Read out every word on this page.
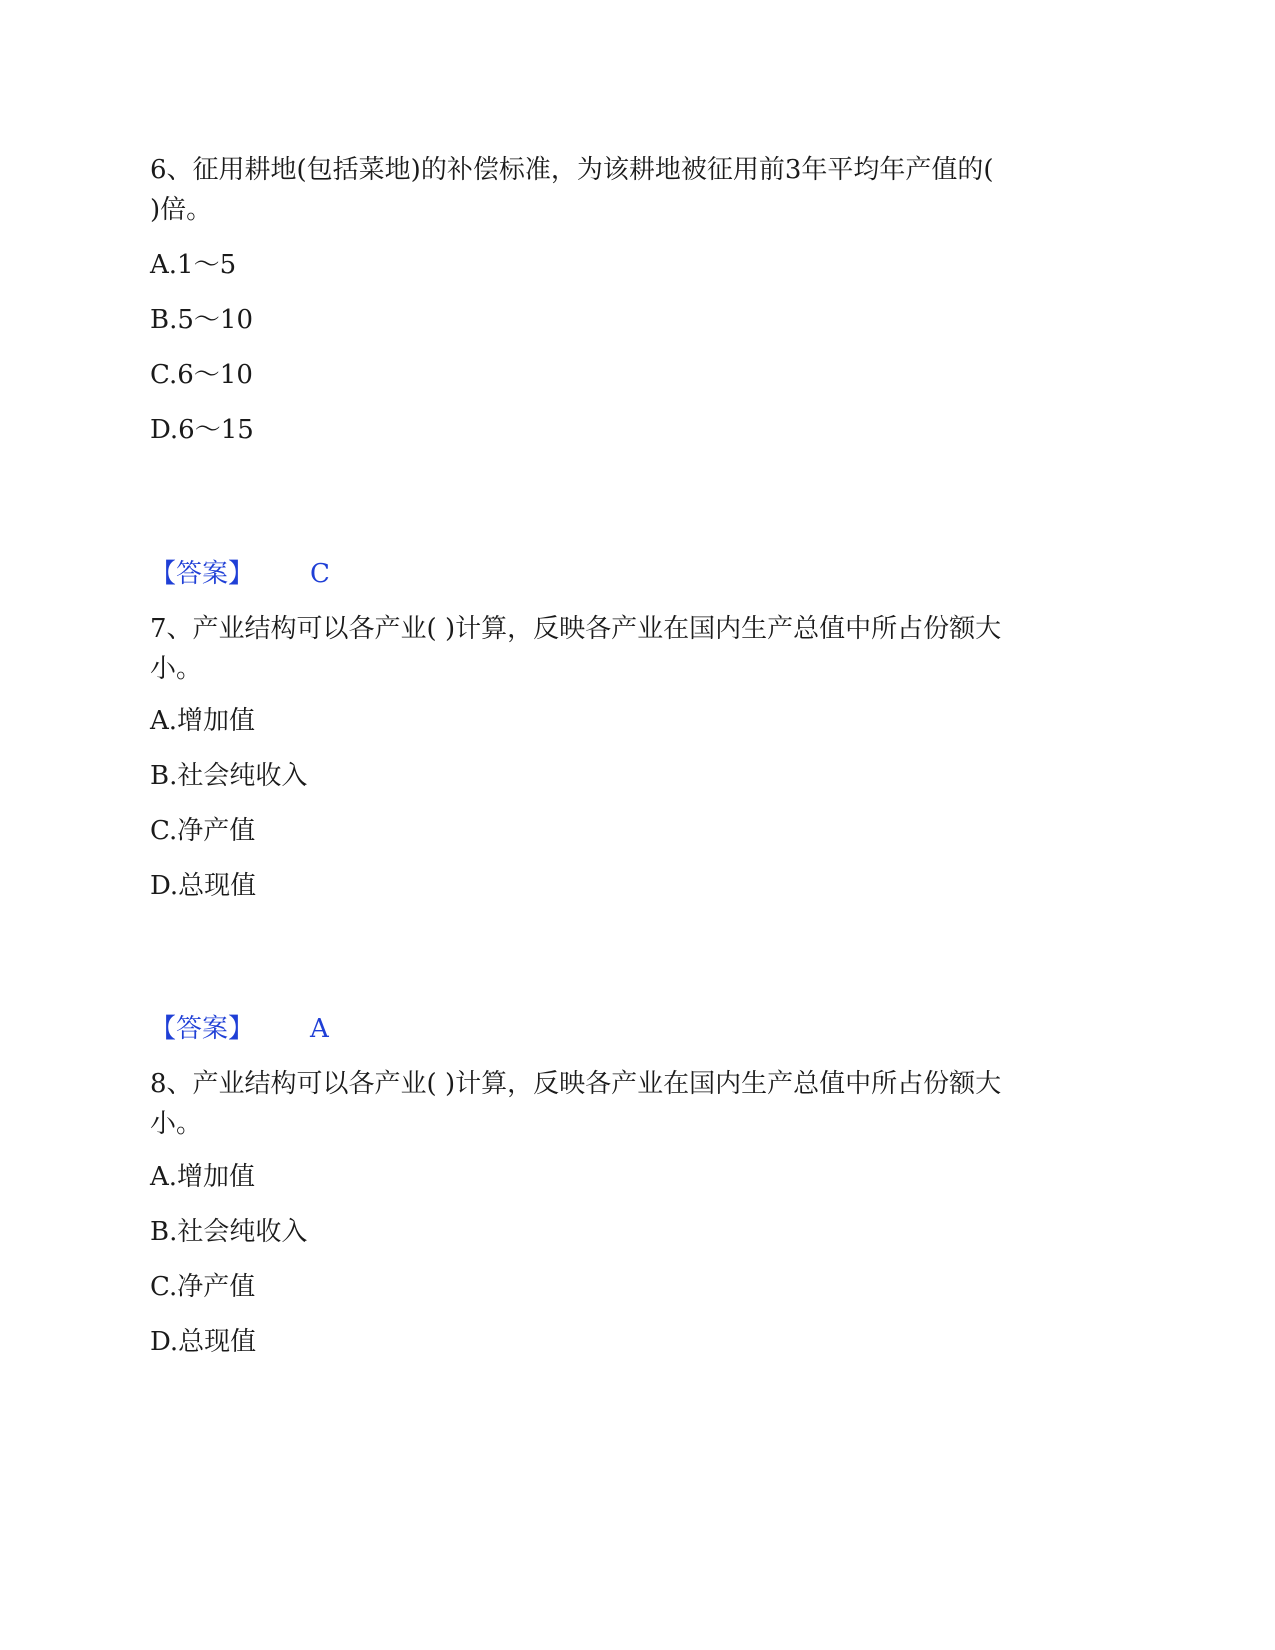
6、征用耕地(包括菜地)的补偿标准，为该耕地被征用前3年平均年产值的(
)倍。
A.1～5
B.5～10
C.6～10
D.6～15
【答案】 C
7、产业结构可以各产业( )计算，反映各产业在国内生产总值中所占份额大
小。
A.增加值
B.社会纯收入
C.净产值
D.总现值
【答案】 A
8、产业结构可以各产业( )计算，反映各产业在国内生产总值中所占份额大
小。
A.增加值
B.社会纯收入
C.净产值
D.总现值
